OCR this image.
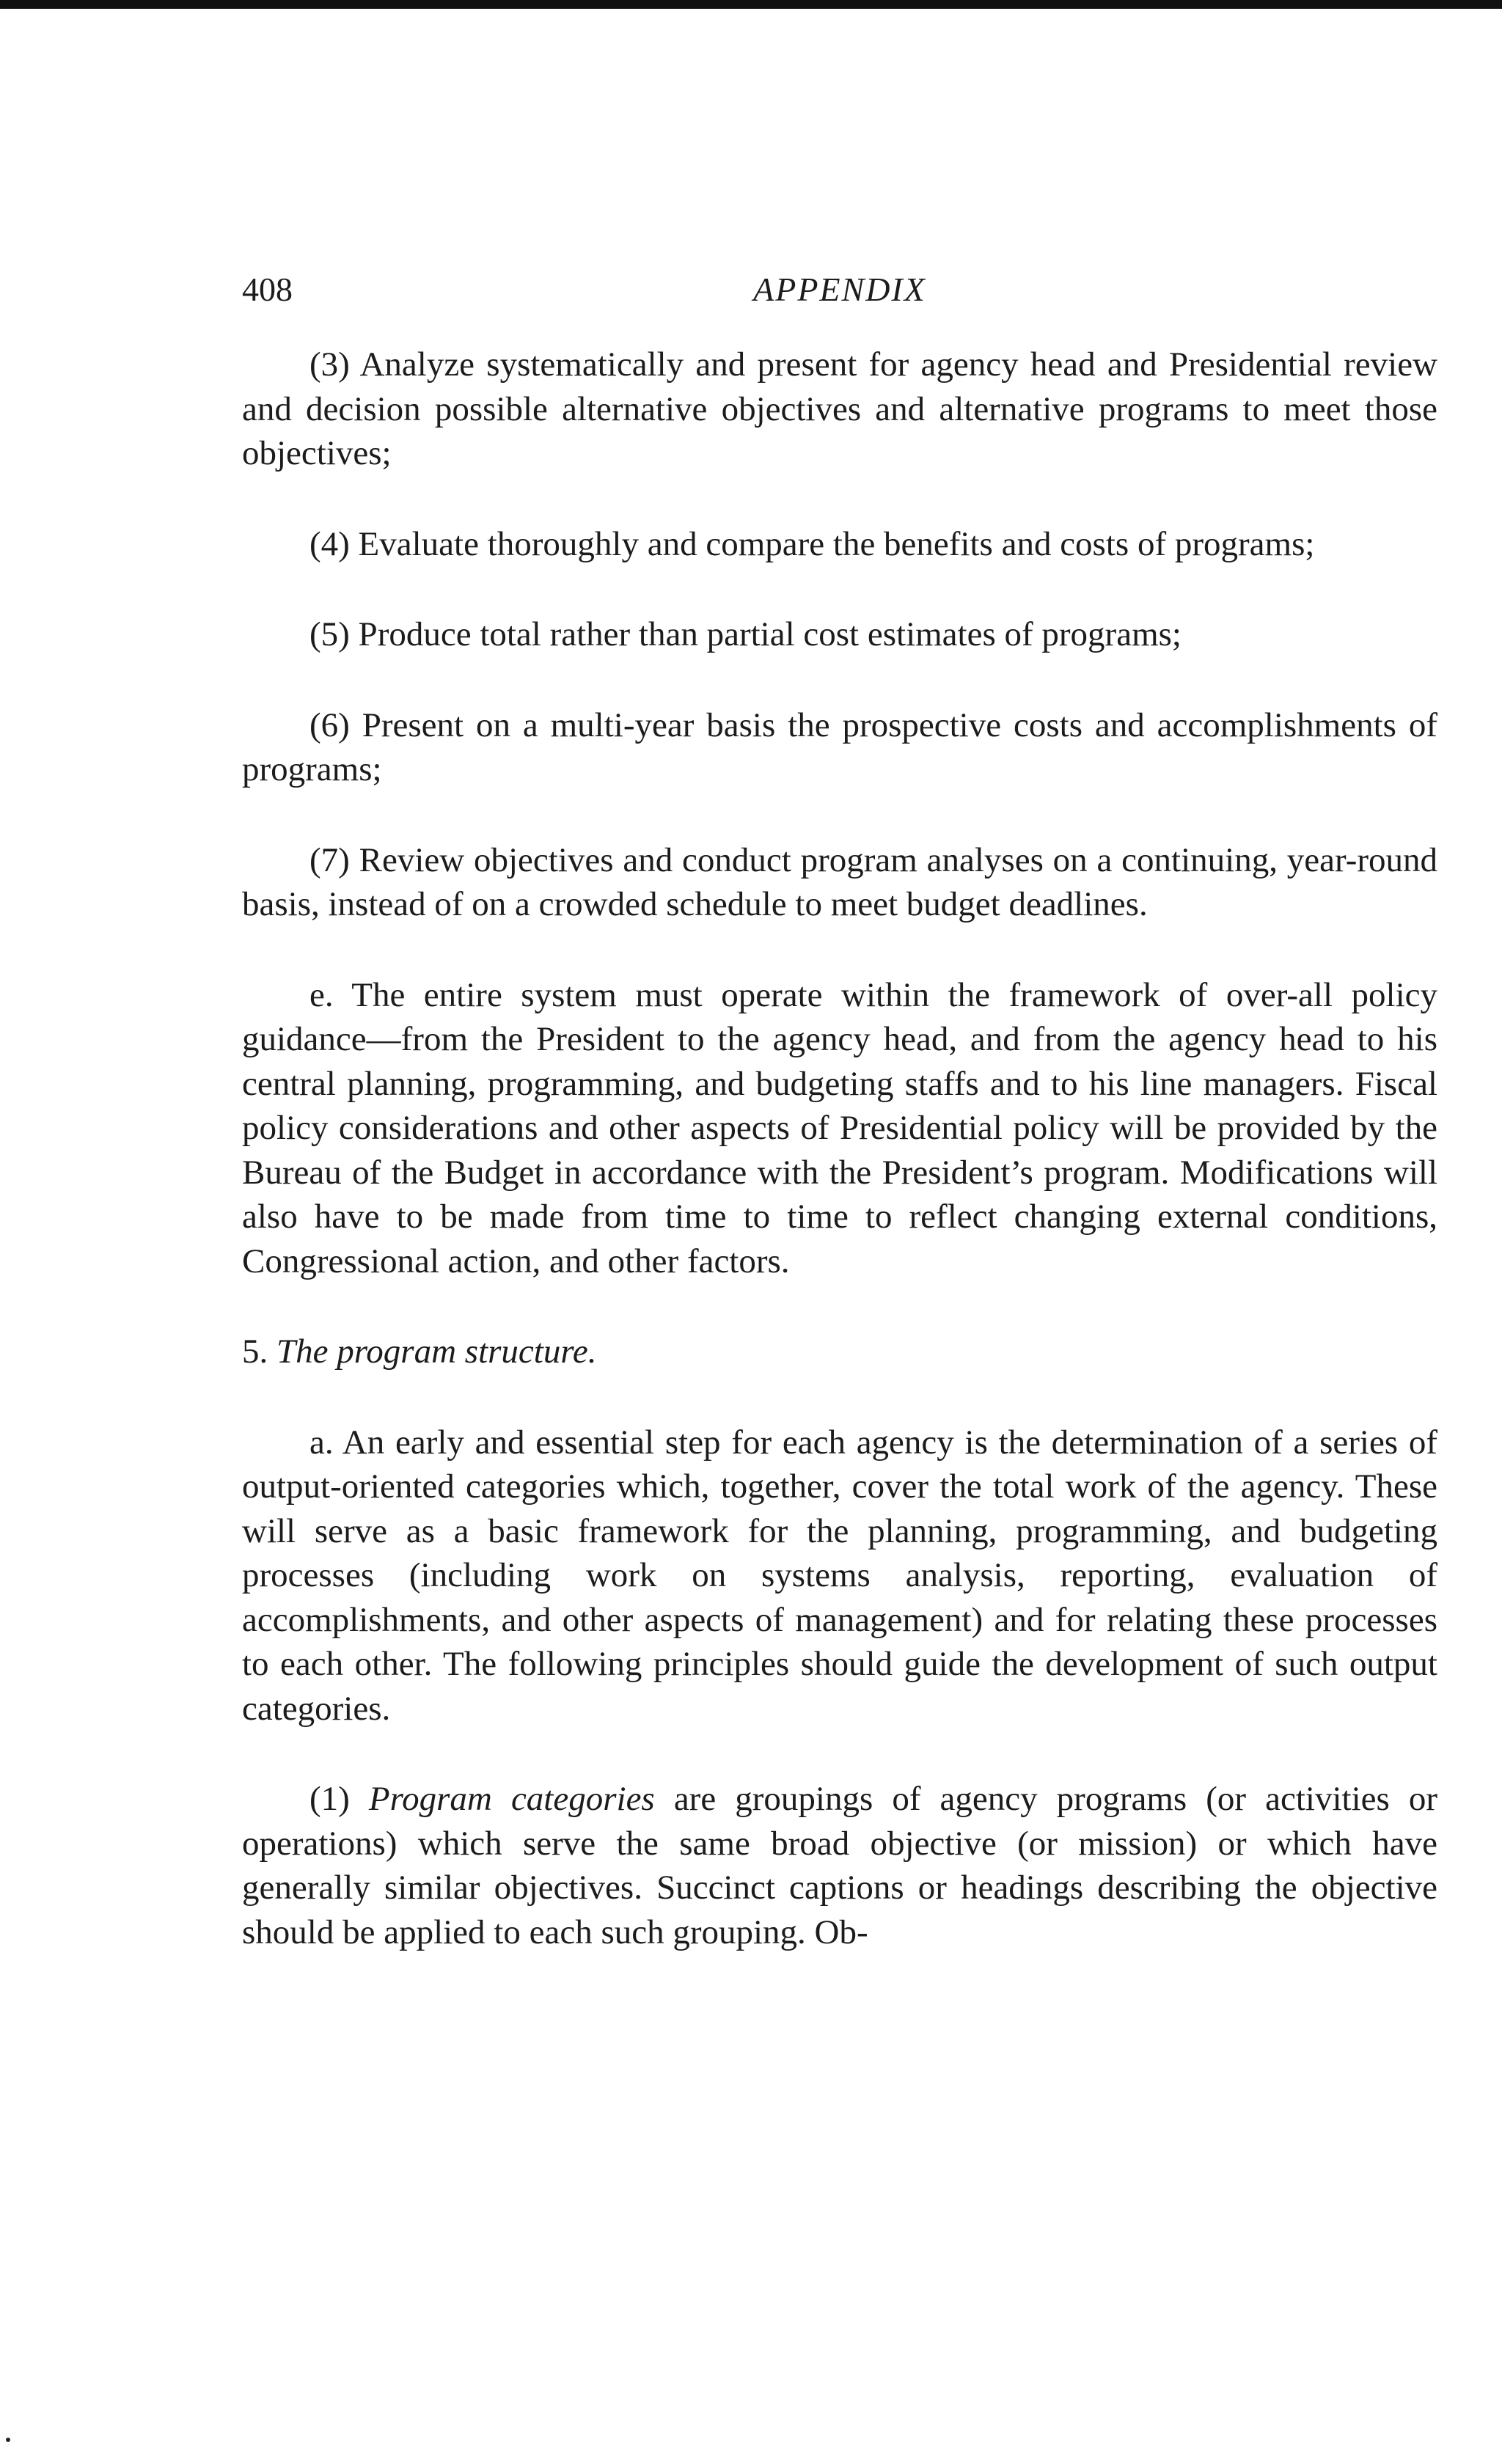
408	APPENDIX

(3) Analyze systematically and present for agency head and Presidential review and decision possible alternative objectives and alternative programs to meet those objectives;

(4) Evaluate thoroughly and compare the benefits and costs of programs;

(5) Produce total rather than partial cost estimates of programs;

(6) Present on a multi-year basis the prospective costs and accomplishments of programs;

(7) Review objectives and conduct program analyses on a continuing, year-round basis, instead of on a crowded schedule to meet budget deadlines.

e. The entire system must operate within the framework of over-all policy guidance—from the President to the agency head, and from the agency head to his central planning, programming, and budgeting staffs and to his line managers. Fiscal policy considerations and other aspects of Presidential policy will be provided by the Bureau of the Budget in accordance with the President’s program. Modifications will also have to be made from time to time to reflect changing external conditions, Congressional action, and other factors.

5. The program structure.

a. An early and essential step for each agency is the determination of a series of output-oriented categories which, together, cover the total work of the agency. These will serve as a basic framework for the planning, programming, and budgeting processes (including work on systems analysis, reporting, evaluation of accomplishments, and other aspects of management) and for relating these processes to each other. The following principles should guide the development of such output categories.

(1) Program categories are groupings of agency programs (or activities or operations) which serve the same broad objective (or mission) or which have generally similar objectives. Succinct captions or headings describing the objective should be applied to each such grouping. Ob-
